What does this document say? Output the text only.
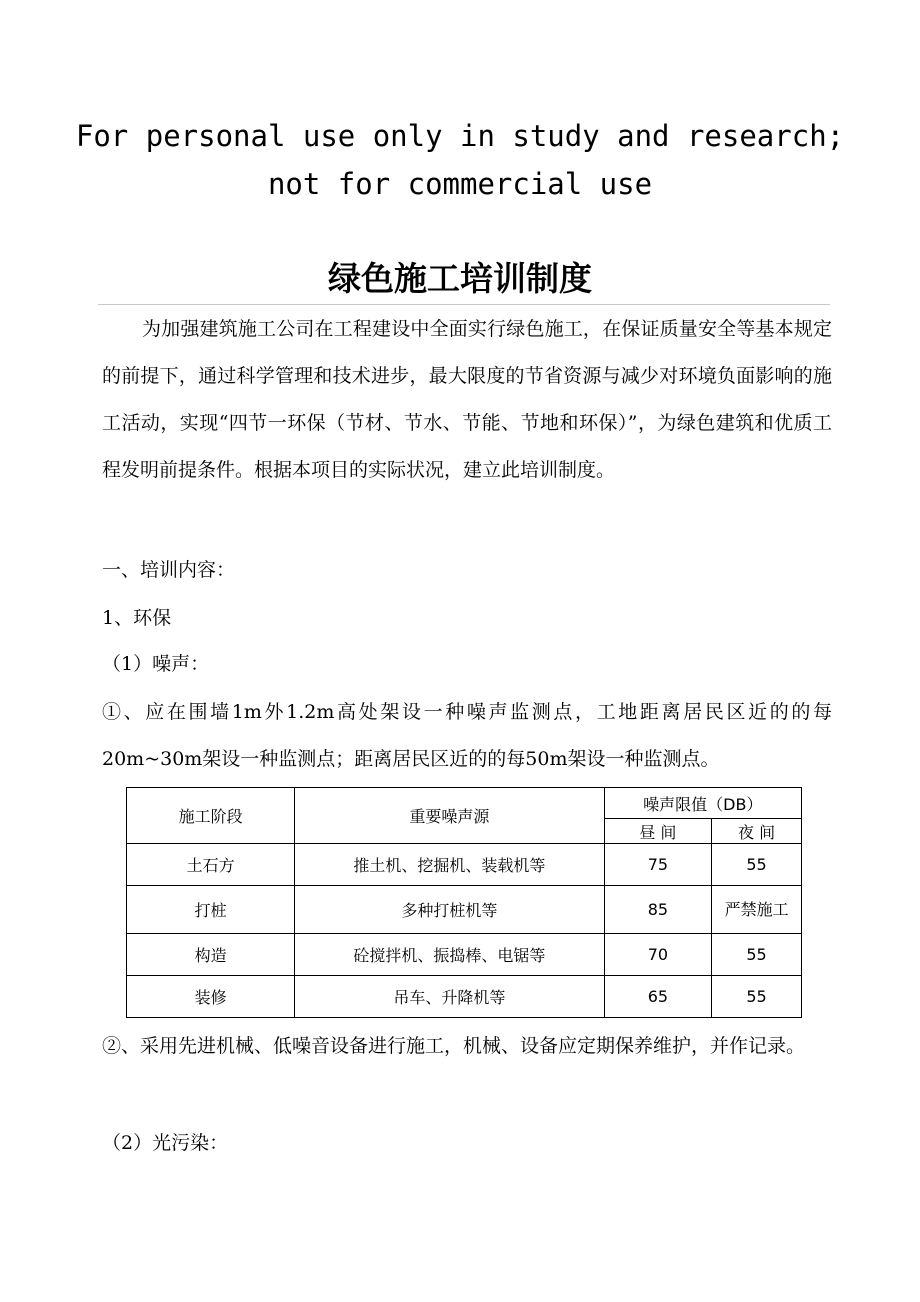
For personal use only in study and research;
not for commercial use
绿色施工培训制度

为加强建筑施工公司在工程建设中全面实行绿色施工，在保证质量安全等基本规定的前提下，通过科学管理和技术进步，最大限度的节省资源与减少对环境负面影响的施工活动，实现“四节一环保（节材、节水、节能、节地和环保）”，为绿色建筑和优质工程发明前提条件。根据本项目的实际状况，建立此培训制度。

一、培训内容：

1、环保

（1）噪声：

①、应在围墙1m外1.2m高处架设一种噪声监测点，工地距离居民区近的的每20m~30m架设一种监测点；距离居民区近的的每50m架设一种监测点。

施工阶段	重要噪声源	噪声限值（DB）	
		昼 间	夜 间
土石方	推土机、挖掘机、装载机等	75	55
打桩	多种打桩机等	85	严禁施工
构造	砼搅拌机、振捣棒、电锯等	70	55
装修	吊车、升降机等	65	55

②、采用先进机械、低噪音设备进行施工，机械、设备应定期保养维护，并作记录。

（2）光污染：
